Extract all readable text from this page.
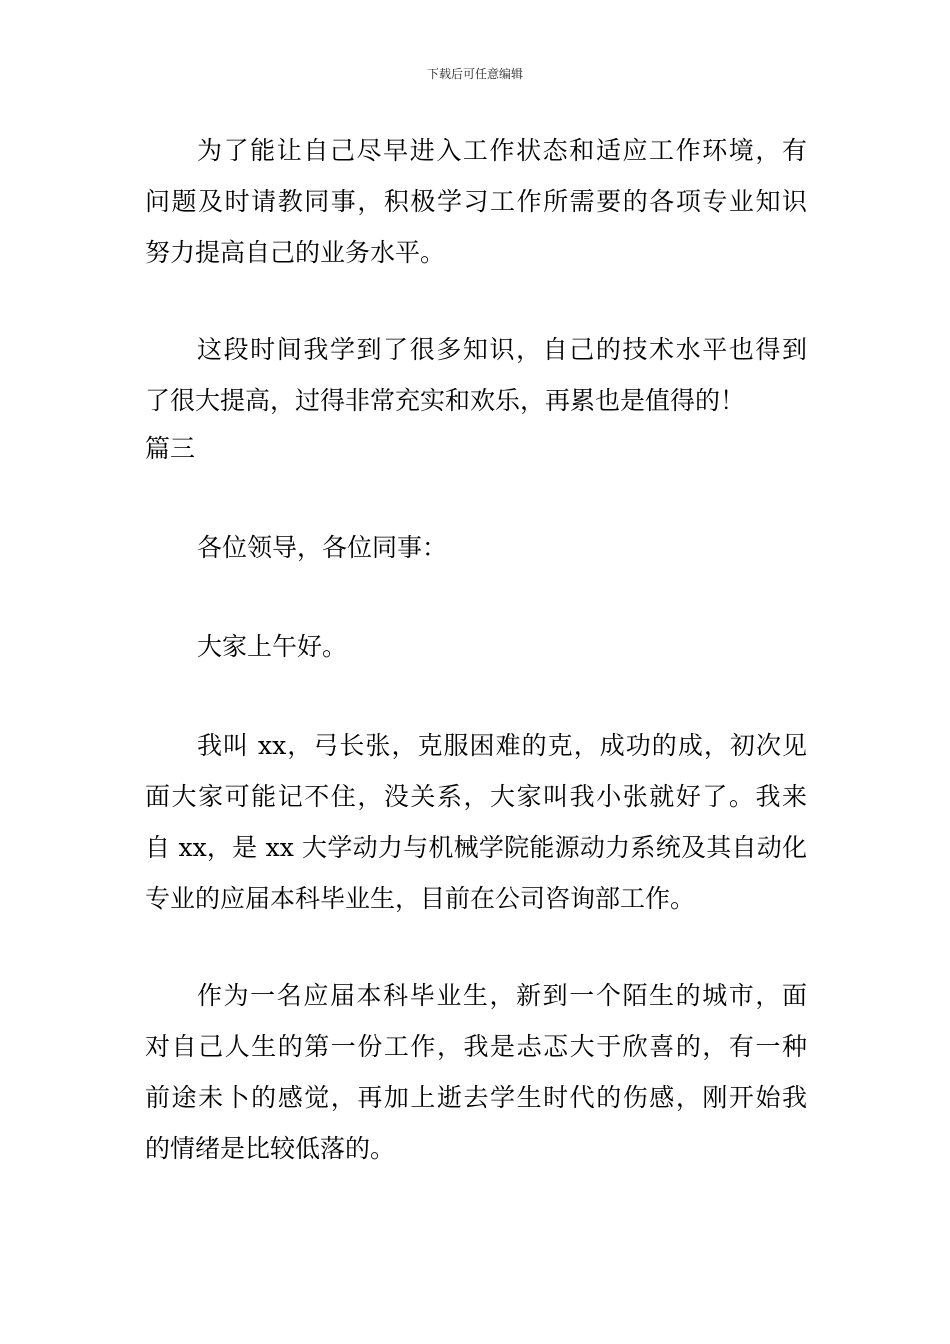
下载后可任意编辑
为了能让自己尽早进入工作状态和适应工作环境，有
问题及时请教同事，积极学习工作所需要的各项专业知识
努力提高自己的业务水平。
这段时间我学到了很多知识，自己的技术水平也得到
了很大提高，过得非常充实和欢乐，再累也是值得的！
篇三
各位领导，各位同事：
大家上午好。
我叫 xx，弓长张，克服困难的克，成功的成，初次见
面大家可能记不住，没关系，大家叫我小张就好了。我来
自 xx，是 xx 大学动力与机械学院能源动力系统及其自动化
专业的应届本科毕业生，目前在公司咨询部工作。
作为一名应届本科毕业生，新到一个陌生的城市，面
对自己人生的第一份工作，我是忐忑大于欣喜的，有一种
前途未卜的感觉，再加上逝去学生时代的伤感，刚开始我
的情绪是比较低落的。
